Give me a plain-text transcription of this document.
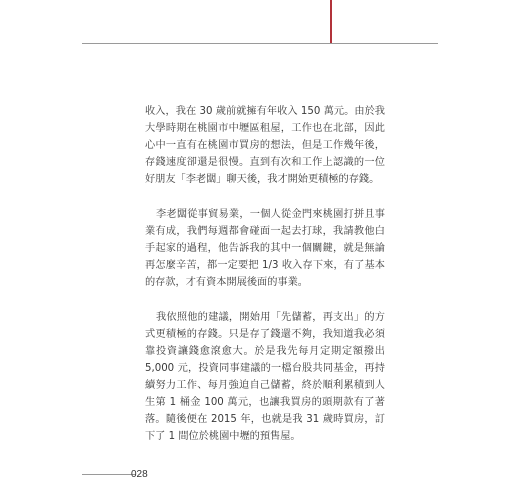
收入，我在 30 歲前就擁有年收入 150 萬元。由於我大學時期在桃園市中壢區租屋，工作也在北部，因此心中一直有在桃園市買房的想法，但是工作幾年後，存錢速度卻還是很慢。直到有次和工作上認識的一位好朋友「李老闆」聊天後，我才開始更積極的存錢。

李老闆從事貿易業，一個人從金門來桃園打拼且事業有成，我們每週都會碰面一起去打球，我請教他白手起家的過程，他告訴我的其中一個關鍵，就是無論再怎麼辛苦，都一定要把 1/3 收入存下來，有了基本的存款，才有資本開展後面的事業。

我依照他的建議，開始用「先儲蓄，再支出」的方式更積極的存錢。只是存了錢還不夠，我知道我必須靠投資讓錢愈滾愈大。於是我先每月定期定額撥出 5,000 元，投資同事建議的一檔台股共同基金，再持續努力工作、每月強迫自己儲蓄，終於順利累積到人生第 1 桶金 100 萬元，也讓我買房的頭期款有了著落。隨後便在 2015 年，也就是我 31 歲時買房，訂下了 1 間位於桃園中壢的預售屋。

028
